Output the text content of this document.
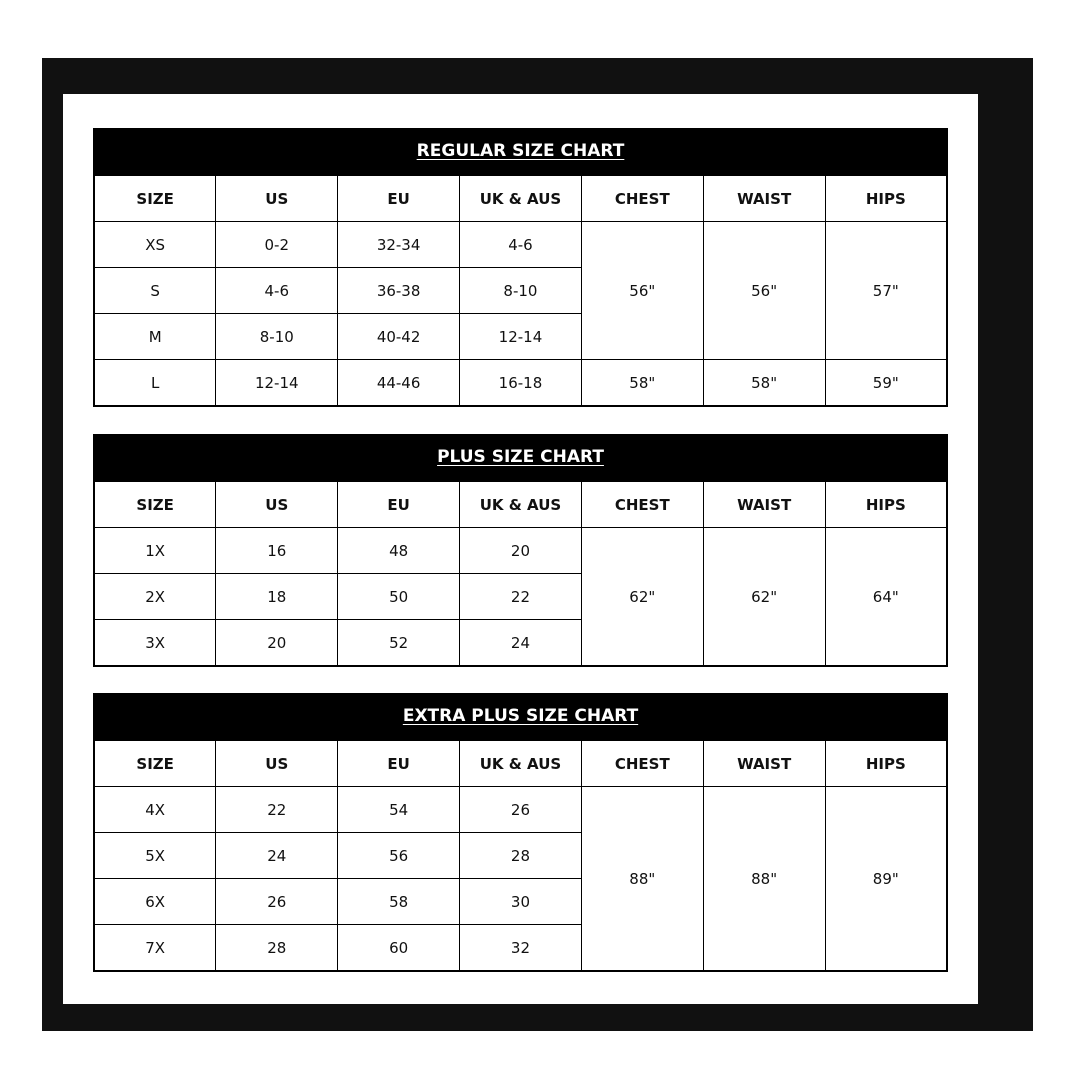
REGULAR SIZE CHART
SIZE	US	EU	UK & AUS	CHEST	WAIST	HIPS
XS	0-2	32-34	4-6	56"	56"	57"
S	4-6	36-38	8-10			
M	8-10	40-42	12-14			
L	12-14	44-46	16-18	58"	58"	59"
PLUS SIZE CHART
SIZE	US	EU	UK & AUS	CHEST	WAIST	HIPS
1X	16	48	20	62"	62"	64"
2X	18	50	22			
3X	20	52	24			
EXTRA PLUS SIZE CHART
SIZE	US	EU	UK & AUS	CHEST	WAIST	HIPS
4X	22	54	26	88"	88"	89"
5X	24	56	28			
6X	26	58	30			
7X	28	60	32			
